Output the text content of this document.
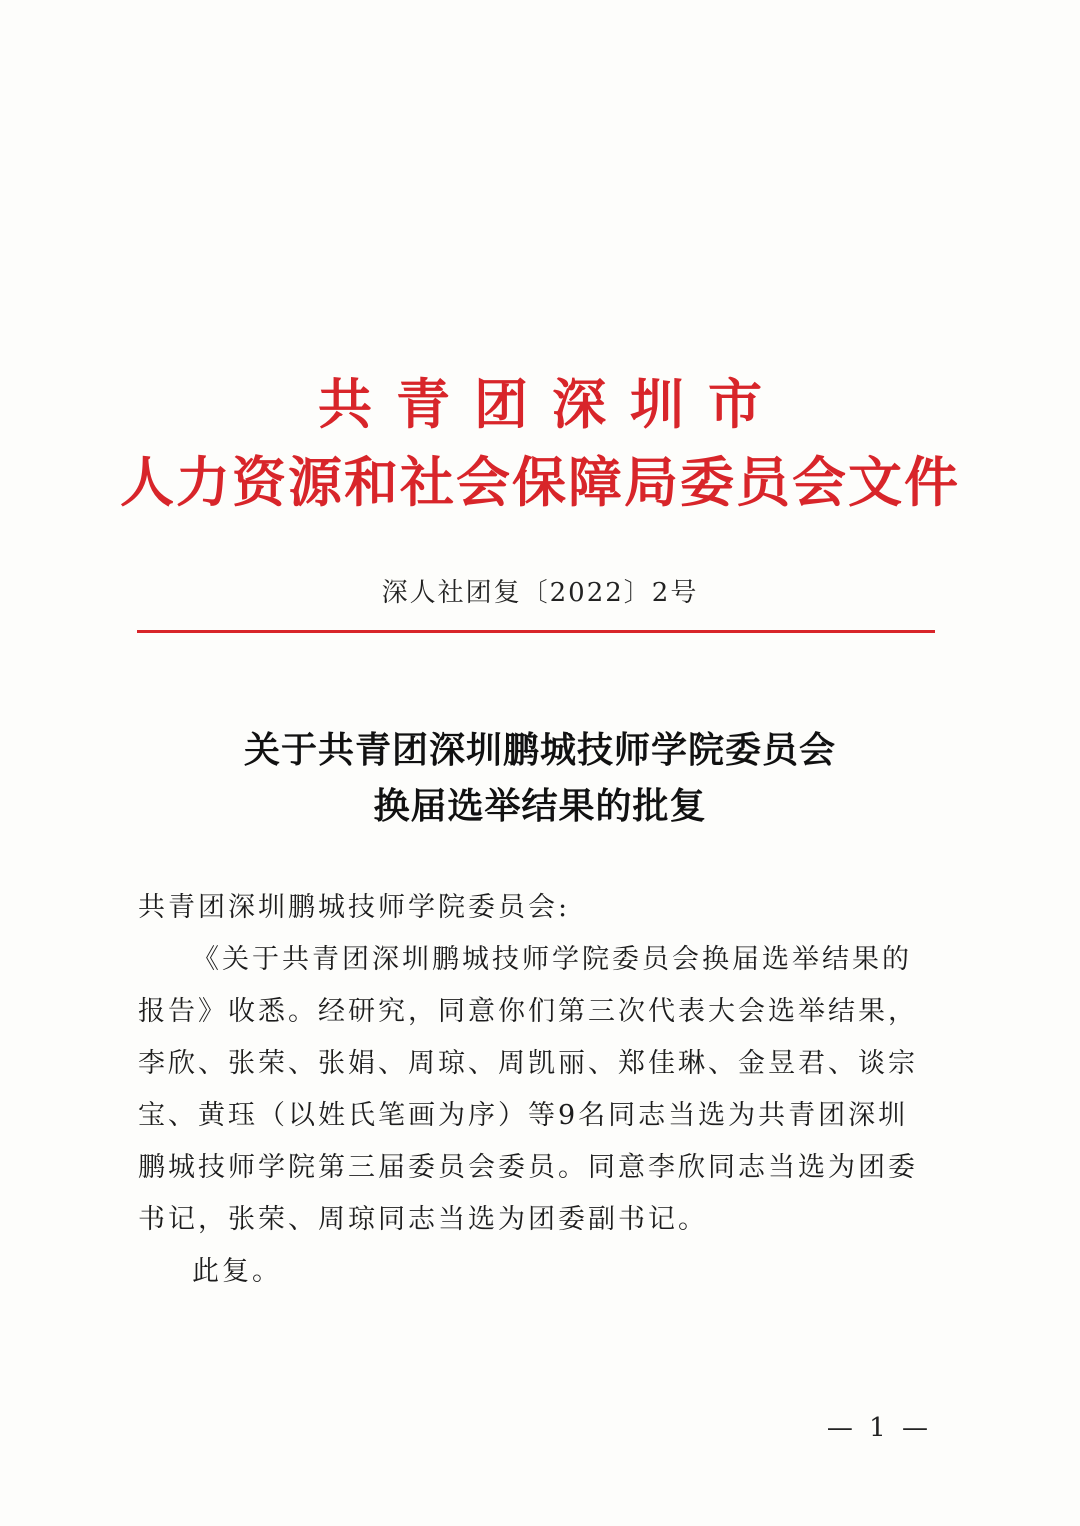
共青团深圳市
人力资源和社会保障局委员会文件
深人社团复〔2022〕2号
关于共青团深圳鹏城技师学院委员会
换届选举结果的批复
共青团深圳鹏城技师学院委员会:
《关于共青团深圳鹏城技师学院委员会换届选举结果的报告》收悉。经研究，同意你们第三次代表大会选举结果，李欣、张荣、张娟、周琼、周凯丽、郑佳琳、金昱君、谈宗宝、黄珏（以姓氏笔画为序）等9名同志当选为共青团深圳鹏城技师学院第三届委员会委员。同意李欣同志当选为团委书记，张荣、周琼同志当选为团委副书记。
此复。
— 1 —
